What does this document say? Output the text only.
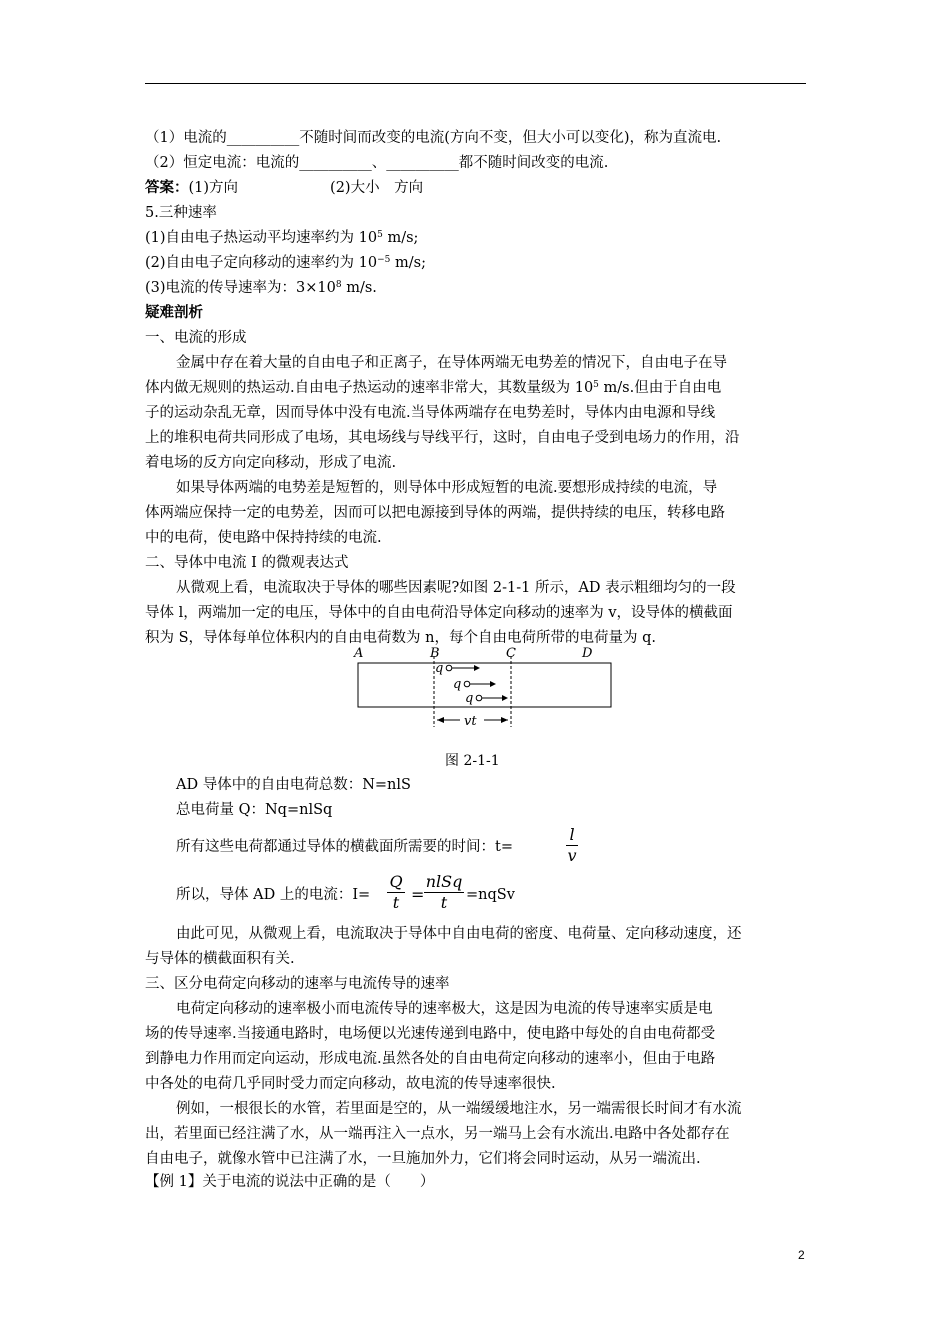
（1）电流的__________不随时间而改变的电流(方向不变，但大小可以变化)，称为直流电.
（2）恒定电流：电流的__________、__________都不随时间改变的电流.
答案：(1)方向	(2)大小　方向
5.三种速率
(1)自由电子热运动平均速率约为 $10^5$ m/s;
(2)自由电子定向移动的速率约为 $10^{-5}$ m/s;
(3)电流的传导速率为：$3\times 10^8$ m/s.
疑难剖析
一、电流的形成
金属中存在着大量的自由电子和正离子，在导体两端无电势差的情况下，自由电子在导
体内做无规则的热运动.自由电子热运动的速率非常大，其数量级为 $10^5$ m/s.但由于自由电
子的运动杂乱无章，因而导体中没有电流.当导体两端存在电势差时，导体内由电源和导线
上的堆积电荷共同形成了电场，其电场线与导线平行，这时，自由电子受到电场力的作用，沿
着电场的反方向定向移动，形成了电流.
如果导体两端的电势差是短暂的，则导体中形成短暂的电流.要想形成持续的电流，导
体两端应保持一定的电势差，因而可以把电源接到导体的两端，提供持续的电压，转移电路
中的电荷，使电路中保持持续的电流.
二、导体中电流 I 的微观表达式
从微观上看，电流取决于导体的哪些因素呢?如图 2-1-1 所示，AD 表示粗细均匀的一段
导体 l，两端加一定的电压，导体中的自由电荷沿导体定向移动的速率为 v，设导体的横截面
积为 S，导体每单位体积内的自由电荷数为 n，每个自由电荷所带的电荷量为 q.
A	B	C	D
q
q
q
vt
图 2-1-1
AD 导体中的自由电荷总数：N=nlS
总电荷量 Q：Nq=nlSq
所有这些电荷都通过导体的横截面所需要的时间：t=
l
v
所以，导体 AD 上的电流：I=
Q
t =
nlSq
t	=nqSv
由此可见，从微观上看，电流取决于导体中自由电荷的密度、电荷量、定向移动速度，还
与导体的横截面积有关.
三、区分电荷定向移动的速率与电流传导的速率
电荷定向移动的速率极小而电流传导的速率极大，这是因为电流的传导速率实质是电
场的传导速率.当接通电路时，电场便以光速传递到电路中，使电路中每处的自由电荷都受
到静电力作用而定向运动，形成电流.虽然各处的自由电荷定向移动的速率小，但由于电路
中各处的电荷几乎同时受力而定向移动，故电流的传导速率很快.
例如，一根很长的水管，若里面是空的，从一端缓缓地注水，另一端需很长时间才有水流
出，若里面已经注满了水，从一端再注入一点水，另一端马上会有水流出.电路中各处都存在
自由电子，就像水管中已注满了水，一旦施加外力，它们将会同时运动，从另一端流出.
【例 1】关于电流的说法中正确的是（　　）
2
